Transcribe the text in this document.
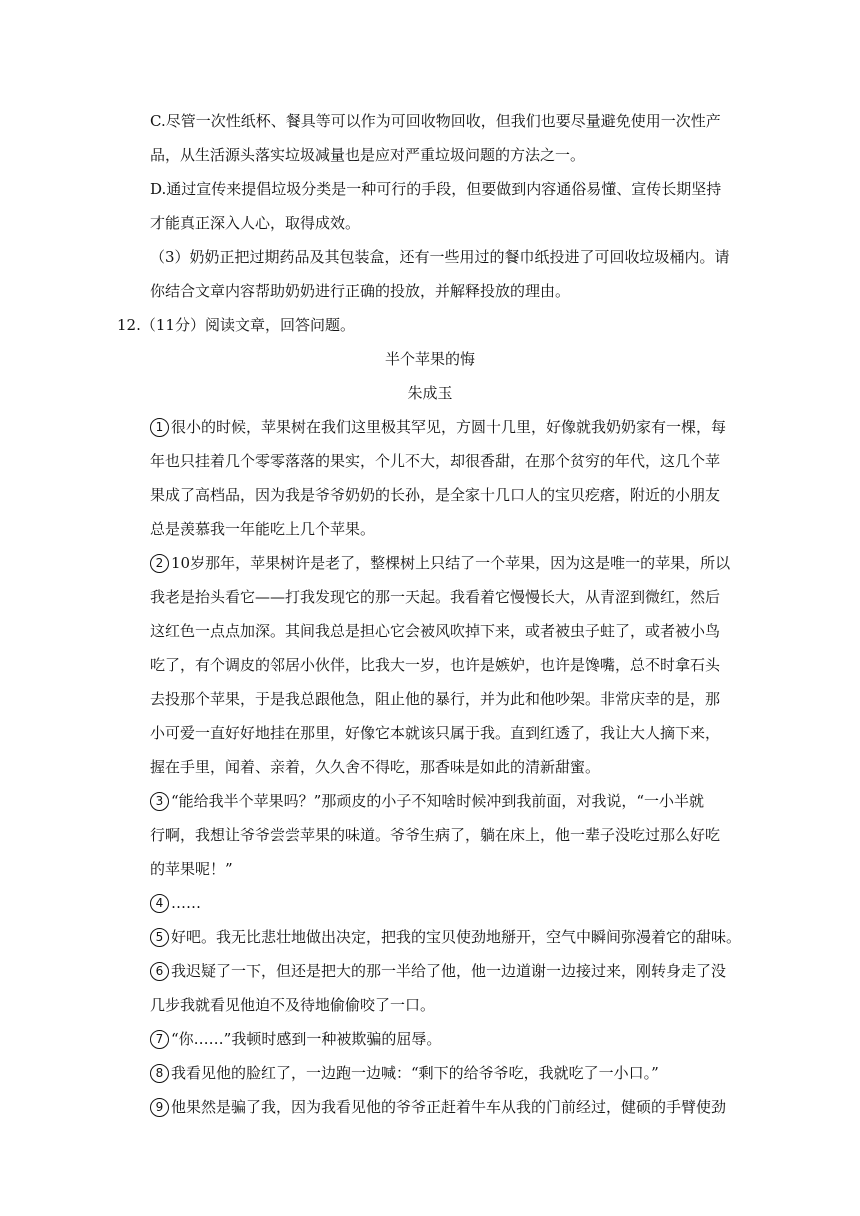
C.尽管一次性纸杯、餐具等可以作为可回收物回收，但我们也要尽量避免使用一次性产
品，从生活源头落实垃圾减量也是应对严重垃圾问题的方法之一。
D.通过宣传来提倡垃圾分类是一种可行的手段，但要做到内容通俗易懂、宣传长期坚持
才能真正深入人心，取得成效。
（3）奶奶正把过期药品及其包装盒，还有一些用过的餐巾纸投进了可回收垃圾桶内。请
你结合文章内容帮助奶奶进行正确的投放，并解释投放的理由。
12.（11分）阅读文章，回答问题。
半个苹果的悔
朱成玉
1 很小的时候，苹果树在我们这里极其罕见，方圆十几里，好像就我奶奶家有一棵，每
年也只挂着几个零零落落的果实，个儿不大，却很香甜，在那个贫穷的年代，这几个苹
果成了高档品，因为我是爷爷奶奶的长孙，是全家十几口人的宝贝疙瘩，附近的小朋友
总是羡慕我一年能吃上几个苹果。
2 10岁那年，苹果树许是老了，整棵树上只结了一个苹果，因为这是唯一的苹果，所以
我老是抬头看它——打我发现它的那一天起。我看着它慢慢长大，从青涩到微红，然后
这红色一点点加深。其间我总是担心它会被风吹掉下来，或者被虫子蛀了，或者被小鸟
吃了，有个调皮的邻居小伙伴，比我大一岁，也许是嫉妒，也许是馋嘴，总不时拿石头
去投那个苹果，于是我总跟他急，阻止他的暴行，并为此和他吵架。非常庆幸的是，那
小可爱一直好好地挂在那里，好像它本就该只属于我。直到红透了，我让大人摘下来，
握在手里，闻着、亲着，久久舍不得吃，那香味是如此的清新甜蜜。
3 “能给我半个苹果吗？”那顽皮的小子不知啥时候冲到我前面，对我说，“一小半就
行啊，我想让爷爷尝尝苹果的味道。爷爷生病了，躺在床上，他一辈子没吃过那么好吃
的苹果呢！”
4 ……
5 好吧。我无比悲壮地做出决定，把我的宝贝使劲地掰开，空气中瞬间弥漫着它的甜味。
6 我迟疑了一下，但还是把大的那一半给了他，他一边道谢一边接过来，刚转身走了没
几步我就看见他迫不及待地偷偷咬了一口。
7 “你……”我顿时感到一种被欺骗的屈辱。
8 我看见他的脸红了，一边跑一边喊：“剩下的给爷爷吃，我就吃了一小口。”
9 他果然是骗了我，因为我看见他的爷爷正赶着牛车从我的门前经过，健硕的手臂使劲
